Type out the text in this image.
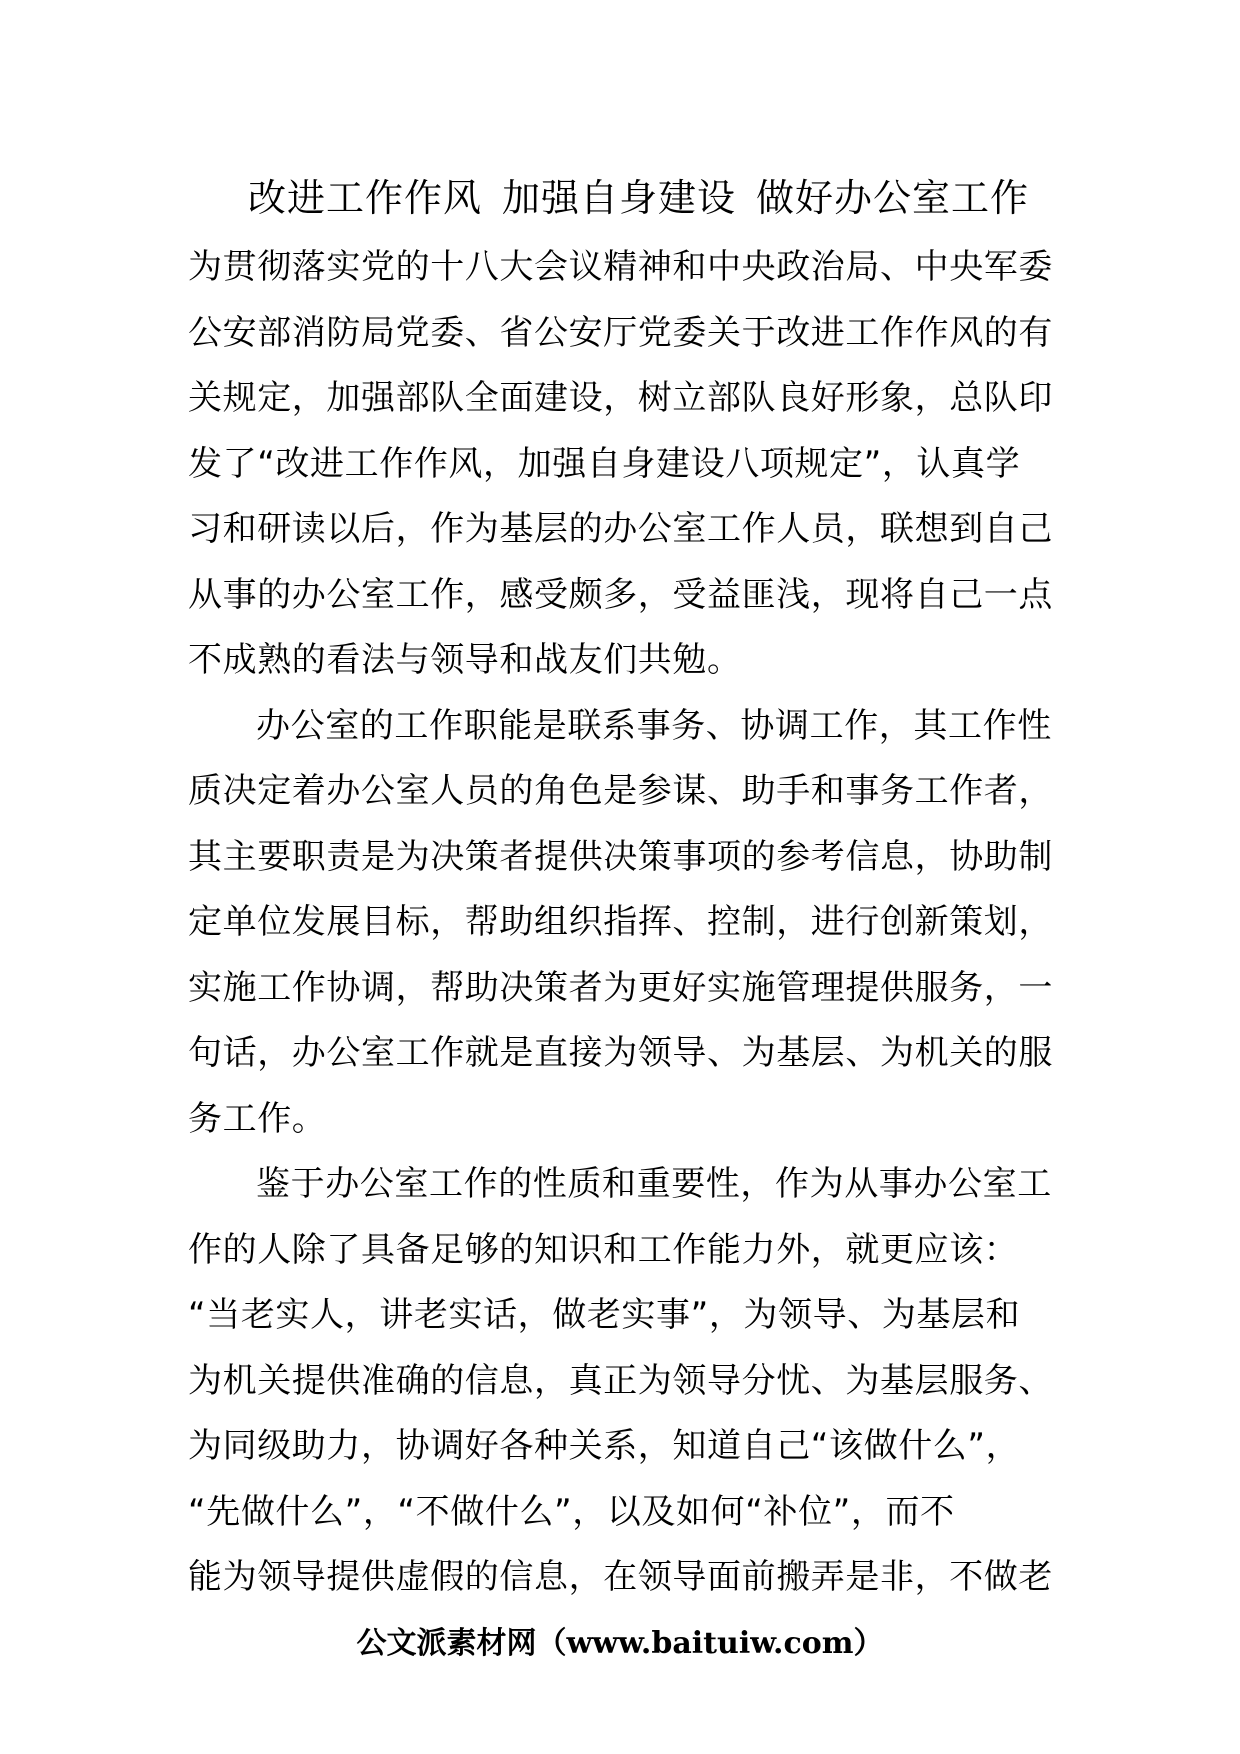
改进工作作风 加强自身建设 做好办公室工作
为贯彻落实党的十八大会议精神和中央政治局、中央军委
公安部消防局党委、省公安厅党委关于改进工作作风的有
关规定，加强部队全面建设，树立部队良好形象，总队印
发了“改进工作作风，加强自身建设八项规定”，认真学
习和研读以后，作为基层的办公室工作人员，联想到自己
从事的办公室工作，感受颇多，受益匪浅，现将自己一点
不成熟的看法与领导和战友们共勉。
办公室的工作职能是联系事务、协调工作，其工作性
质决定着办公室人员的角色是参谋、助手和事务工作者，
其主要职责是为决策者提供决策事项的参考信息，协助制
定单位发展目标，帮助组织指挥、控制，进行创新策划，
实施工作协调，帮助决策者为更好实施管理提供服务，一
句话，办公室工作就是直接为领导、为基层、为机关的服
务工作。
鉴于办公室工作的性质和重要性，作为从事办公室工
作的人除了具备足够的知识和工作能力外，就更应该：
“当老实人，讲老实话，做老实事”，为领导、为基层和
为机关提供准确的信息，真正为领导分忧、为基层服务、
为同级助力，协调好各种关系，知道自己“该做什么”，
“先做什么”，“不做什么”，以及如何“补位”，而不
能为领导提供虚假的信息，在领导面前搬弄是非，不做老
公文派素材网（www.baituiw.com）
